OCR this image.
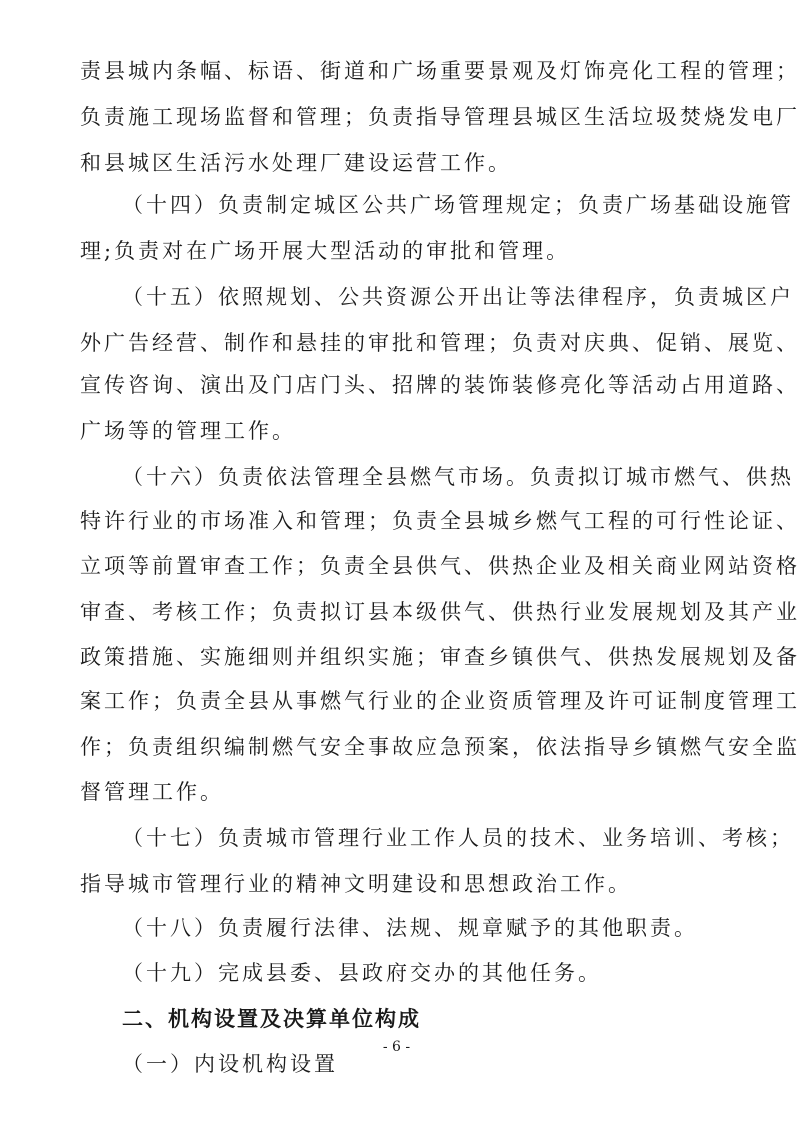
责县城内条幅、标语、街道和广场重要景观及灯饰亮化工程的管理；
负责施工现场监督和管理；负责指导管理县城区生活垃圾焚烧发电厂
和县城区生活污水处理厂建设运营工作。
（十四）负责制定城区公共广场管理规定；负责广场基础设施管
理;负责对在广场开展大型活动的审批和管理。
（十五）依照规划、公共资源公开出让等法律程序，负责城区户
外广告经营、制作和悬挂的审批和管理；负责对庆典、促销、展览、
宣传咨询、演出及门店门头、招牌的装饰装修亮化等活动占用道路、
广场等的管理工作。
（十六）负责依法管理全县燃气市场。负责拟订城市燃气、供热
特许行业的市场准入和管理；负责全县城乡燃气工程的可行性论证、
立项等前置审查工作；负责全县供气、供热企业及相关商业网站资格
审查、考核工作；负责拟订县本级供气、供热行业发展规划及其产业
政策措施、实施细则并组织实施；审查乡镇供气、供热发展规划及备
案工作；负责全县从事燃气行业的企业资质管理及许可证制度管理工
作；负责组织编制燃气安全事故应急预案，依法指导乡镇燃气安全监
督管理工作。
（十七）负责城市管理行业工作人员的技术、业务培训、考核；
指导城市管理行业的精神文明建设和思想政治工作。
（十八）负责履行法律、法规、规章赋予的其他职责。
（十九）完成县委、县政府交办的其他任务。
二、机构设置及决算单位构成
（一）内设机构设置
- 6 -
